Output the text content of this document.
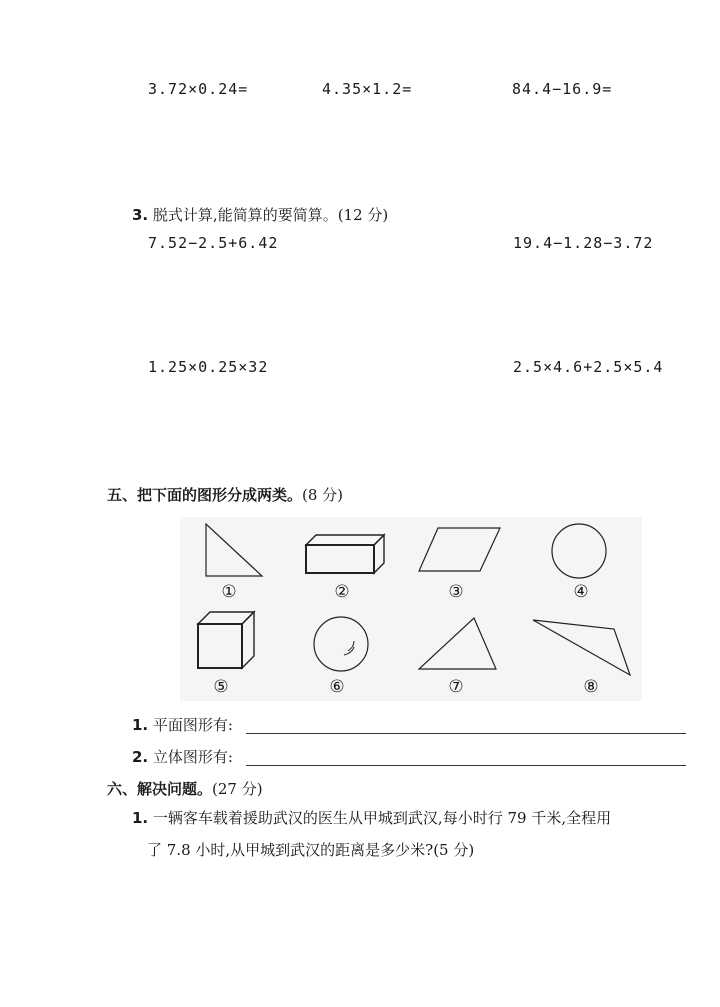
3.72×0.24=	4.35×1.2=	84.4−16.9=
3. 脱式计算,能简算的要简算。(12 分)
7.52−2.5+6.42	19.4−1.28−3.72
1.25×0.25×32	2.5×4.6+2.5×5.4
五、把下面的图形分成两类。(8 分)
①	②	③	④
⑤	⑥	⑦	⑧
1. 平面图形有:
2. 立体图形有:
六、解决问题。(27 分)
1. 一辆客车载着援助武汉的医生从甲城到武汉,每小时行 79 千米,全程用
了 7.8 小时,从甲城到武汉的距离是多少米?(5 分)
